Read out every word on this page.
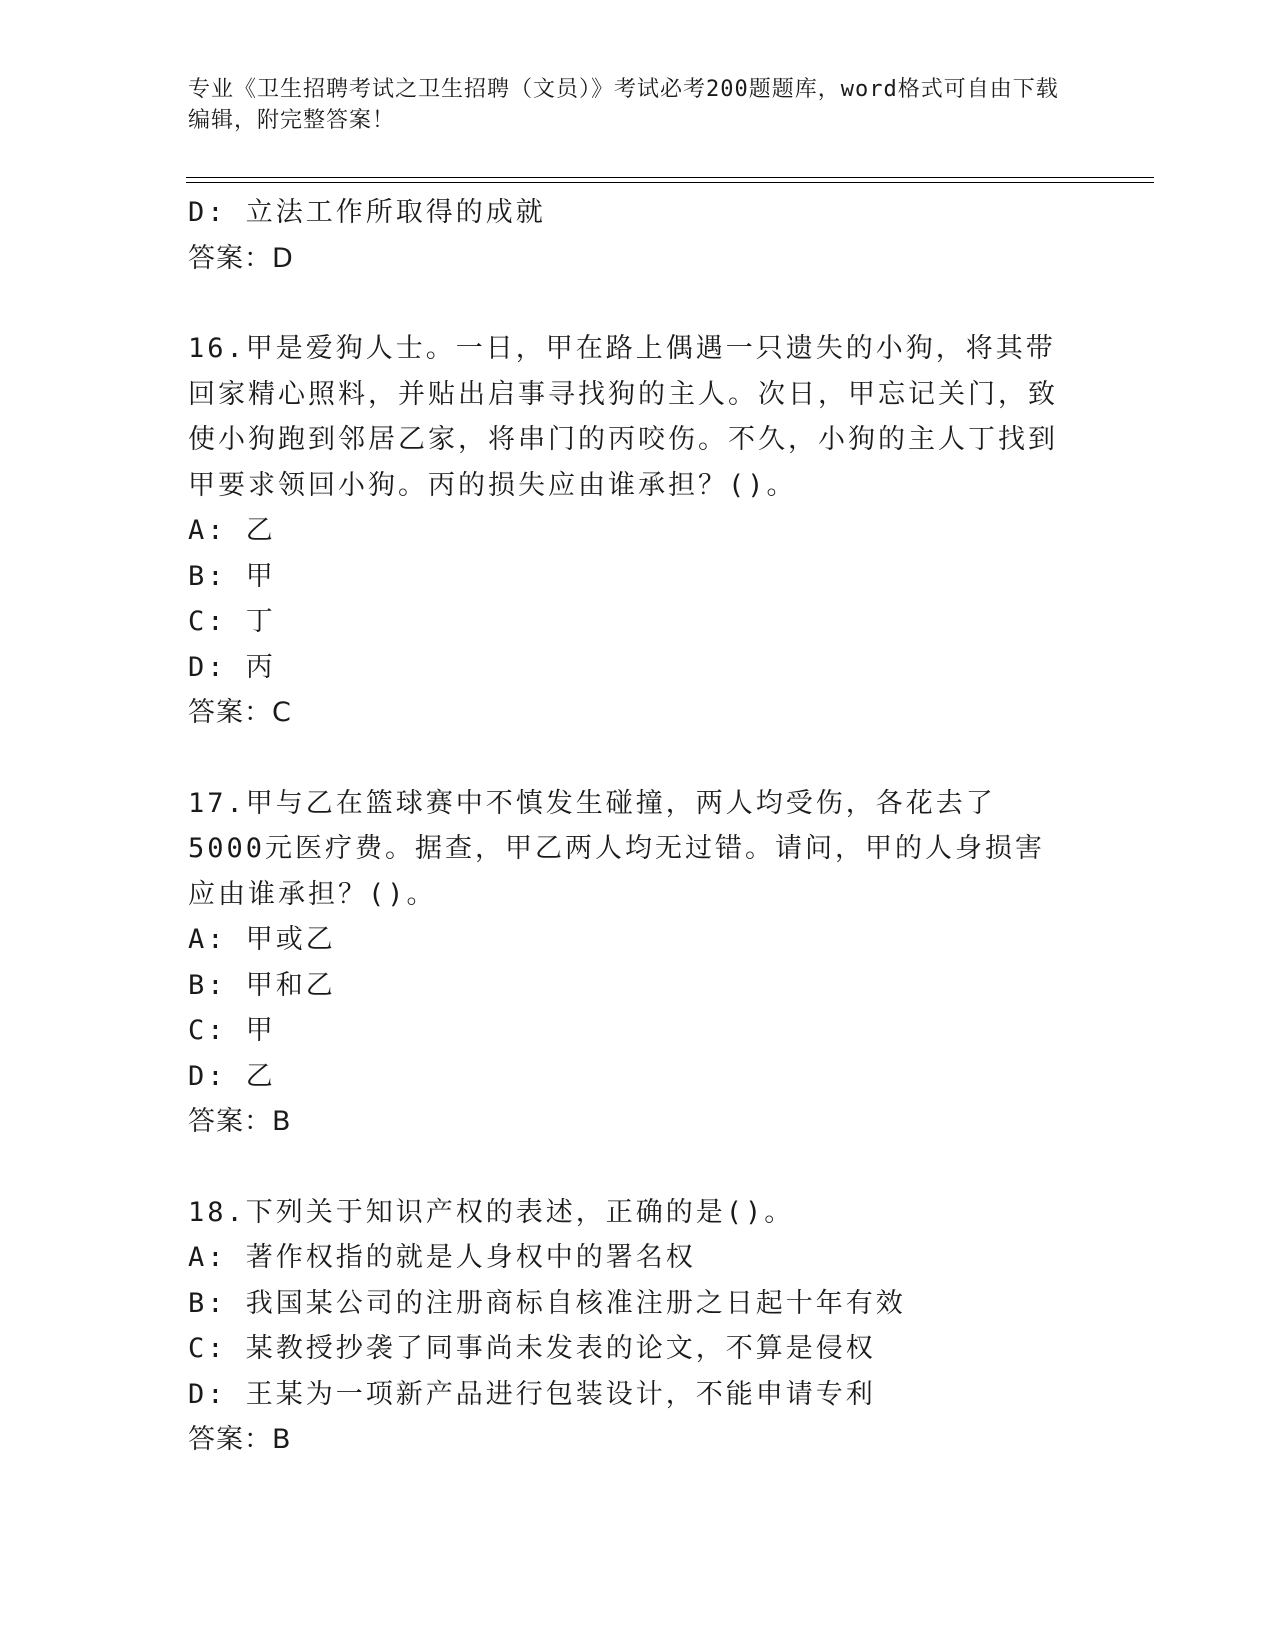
专业《卫生招聘考试之卫生招聘（文员）》考试必考200题题库，word格式可自由下载编辑，附完整答案！
D: 立法工作所取得的成就
答案：D
16.甲是爱狗人士。一日，甲在路上偶遇一只遗失的小狗，将其带回家精心照料，并贴出启事寻找狗的主人。次日，甲忘记关门，致使小狗跑到邻居乙家，将串门的丙咬伤。不久，小狗的主人丁找到甲要求领回小狗。丙的损失应由谁承担？()。
A: 乙
B: 甲
C: 丁
D: 丙
答案：C
17.甲与乙在篮球赛中不慎发生碰撞，两人均受伤，各花去了5000元医疗费。据查，甲乙两人均无过错。请问，甲的人身损害应由谁承担？()。
A: 甲或乙
B: 甲和乙
C: 甲
D: 乙
答案：B
18.下列关于知识产权的表述，正确的是()。
A: 著作权指的就是人身权中的署名权
B: 我国某公司的注册商标自核准注册之日起十年有效
C: 某教授抄袭了同事尚未发表的论文，不算是侵权
D: 王某为一项新产品进行包装设计，不能申请专利
答案：B
